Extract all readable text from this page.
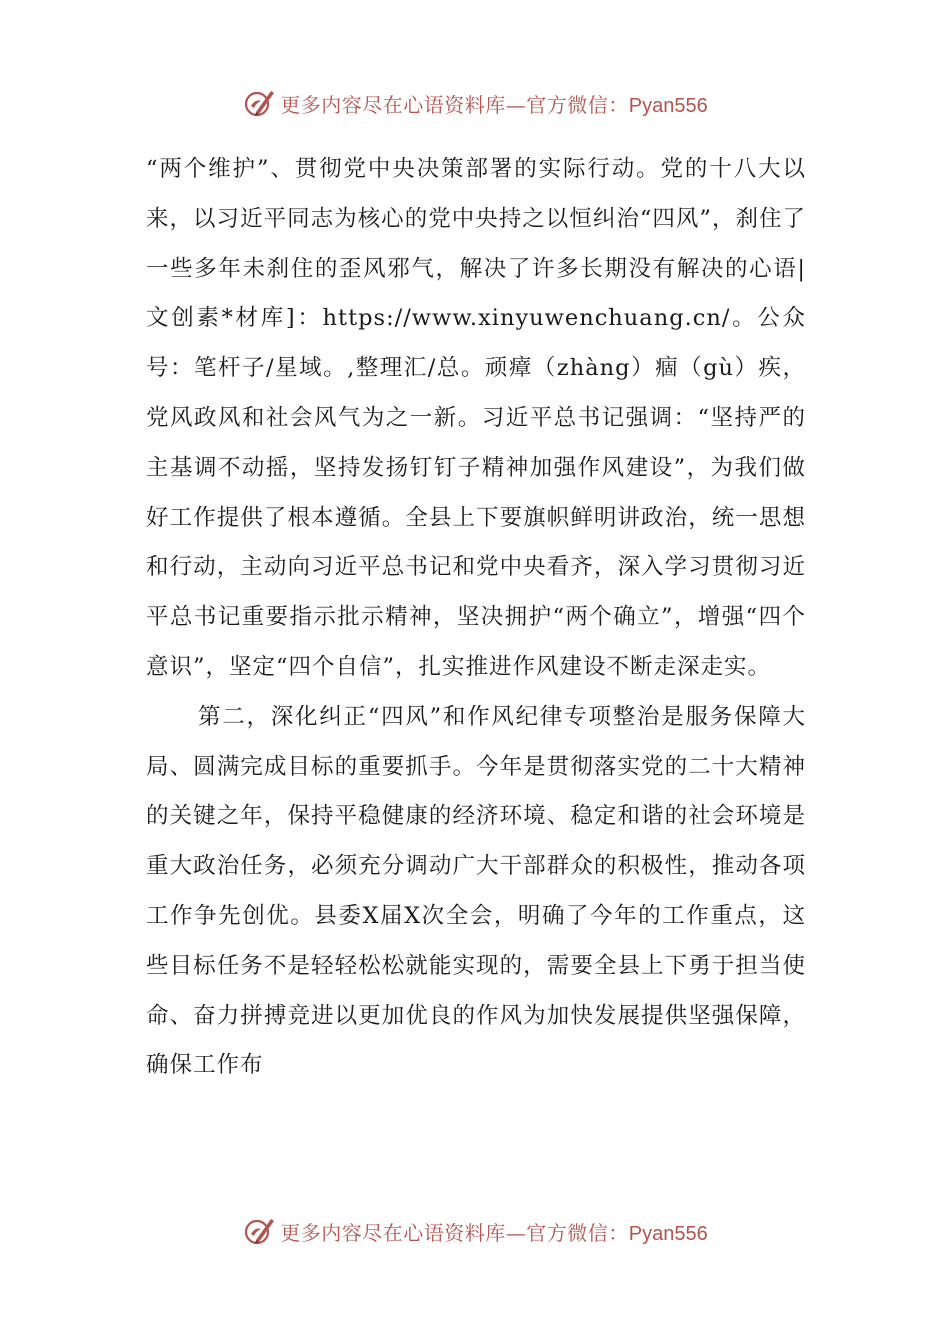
更多内容尽在心语资料库—官方微信：Pyan556

“两个维护”、贯彻党中央决策部署的实际行动。党的十八大以来，以习近平同志为核心的党中央持之以恒纠治“四风”，刹住了一些多年未刹住的歪风邪气，解决了许多长期没有解决的心语|文创素*材库]：https://www.xinyuwenchuang.cn/。公众号：笔杆子/星域。,整理汇/总。顽瘴（zhàng）痼（gù）疾，党风政风和社会风气为之一新。习近平总书记强调：“坚持严的主基调不动摇，坚持发扬钉钉子精神加强作风建设”，为我们做好工作提供了根本遵循。全县上下要旗帜鲜明讲政治，统一思想和行动，主动向习近平总书记和党中央看齐，深入学习贯彻习近平总书记重要指示批示精神，坚决拥护“两个确立”，增强“四个意识”，坚定“四个自信”，扎实推进作风建设不断走深走实。

第二，深化纠正“四风”和作风纪律专项整治是服务保障大局、圆满完成目标的重要抓手。今年是贯彻落实党的二十大精神的关键之年，保持平稳健康的经济环境、稳定和谐的社会环境是重大政治任务，必须充分调动广大干部群众的积极性，推动各项工作争先创优。县委X届X次全会，明确了今年的工作重点，这些目标任务不是轻轻松松就能实现的，需要全县上下勇于担当使命、奋力拼搏竞进以更加优良的作风为加快发展提供坚强保障，确保工作布

更多内容尽在心语资料库—官方微信：Pyan556
